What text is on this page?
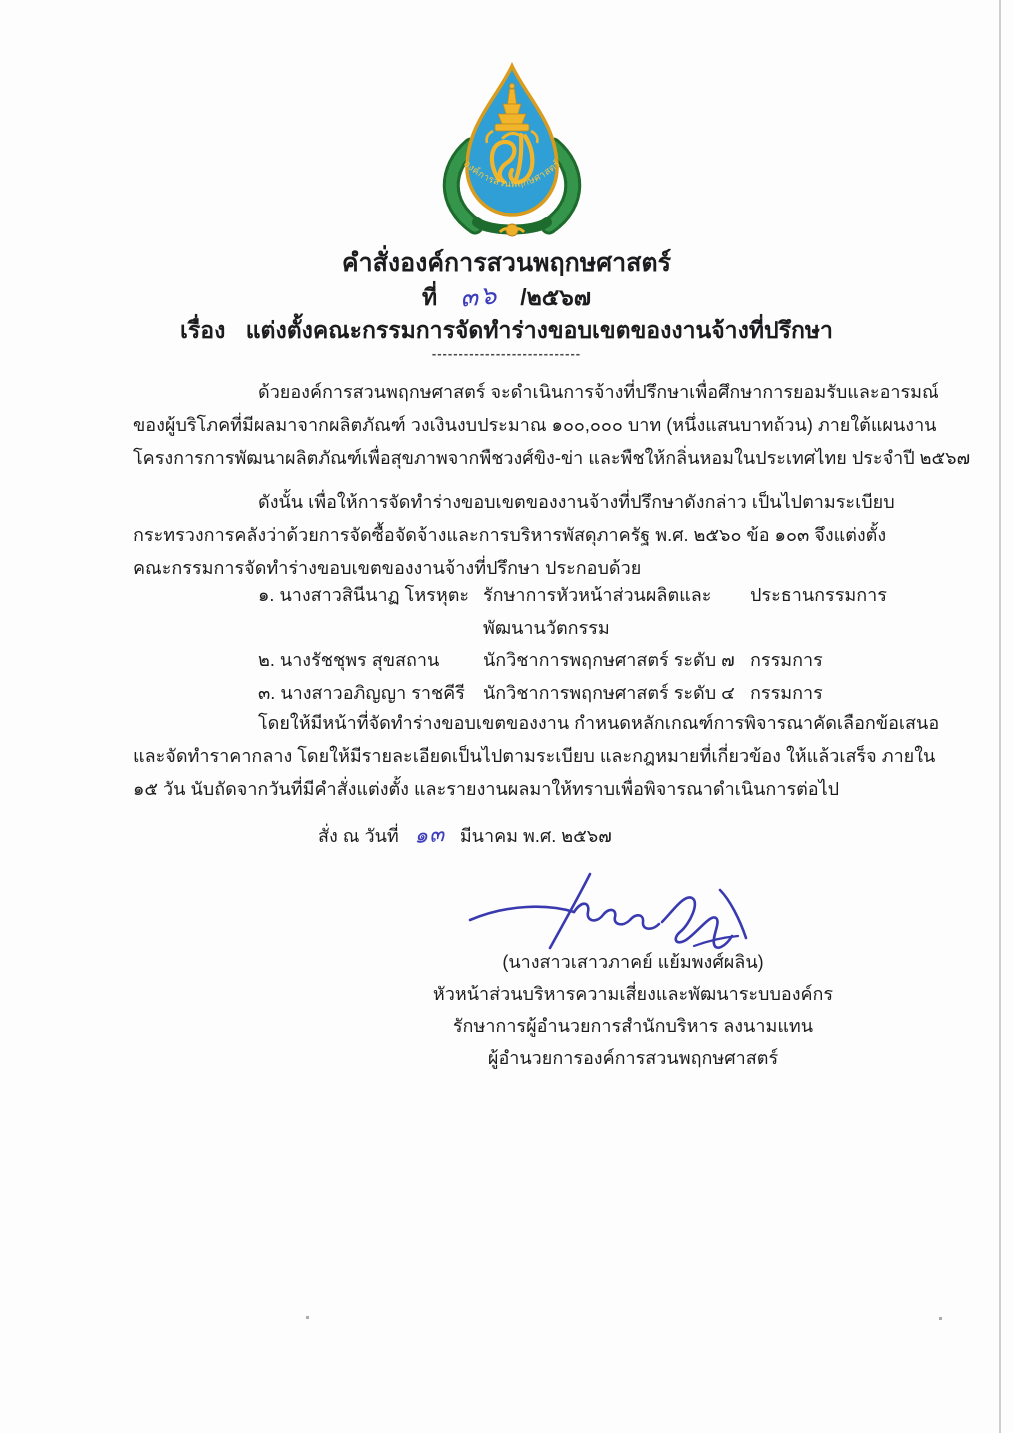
องค์การสวนพฤกษศาสตร์
คำสั่งองค์การสวนพฤกษศาสตร์
ที่ ๓๖ /๒๕๖๗
เรื่อง แต่งตั้งคณะกรรมการจัดทำร่างขอบเขตของงานจ้างที่ปรึกษา
----------------------------
ด้วยองค์การสวนพฤกษศาสตร์ จะดำเนินการจ้างที่ปรึกษาเพื่อศึกษาการยอมรับและอารมณ์
ของผู้บริโภคที่มีผลมาจากผลิตภัณฑ์ วงเงินงบประมาณ ๑๐๐,๐๐๐ บาท (หนึ่งแสนบาทถ้วน) ภายใต้แผนงาน
โครงการการพัฒนาผลิตภัณฑ์เพื่อสุขภาพจากพืชวงศ์ขิง-ข่า และพืชให้กลิ่นหอมในประเทศไทย ประจำปี ๒๕๖๗
ดังนั้น เพื่อให้การจัดทำร่างขอบเขตของงานจ้างที่ปรึกษาดังกล่าว เป็นไปตามระเบียบ
กระทรวงการคลังว่าด้วยการจัดซื้อจัดจ้างและการบริหารพัสดุภาครัฐ พ.ศ. ๒๕๖๐ ข้อ ๑๐๓ จึงแต่งตั้ง
คณะกรรมการจัดทำร่างขอบเขตของงานจ้างที่ปรึกษา ประกอบด้วย
๑. นางสาวสินีนาฏ โหรหุตะ รักษาการหัวหน้าส่วนผลิตและ
พัฒนานวัตกรรม
ประธานกรรมการ
๒. นางรัชชุพร สุขสถาน นักวิชาการพฤกษศาสตร์ ระดับ ๗ กรรมการ
๓. นางสาวอภิญญา ราชคีรี นักวิชาการพฤกษศาสตร์ ระดับ ๔ กรรมการ
โดยให้มีหน้าที่จัดทำร่างขอบเขตของงาน กำหนดหลักเกณฑ์การพิจารณาคัดเลือกข้อเสนอ
และจัดทำราคากลาง โดยให้มีรายละเอียดเป็นไปตามระเบียบ และกฎหมายที่เกี่ยวข้อง ให้แล้วเสร็จ ภายใน
๑๕ วัน นับถัดจากวันที่มีคำสั่งแต่งตั้ง และรายงานผลมาให้ทราบเพื่อพิจารณาดำเนินการต่อไป
สั่ง ณ วันที่ ๑๓ มีนาคม พ.ศ. ๒๕๖๗
(นางสาวเสาวภาคย์ แย้มพงศ์ผลิน)
หัวหน้าส่วนบริหารความเสี่ยงและพัฒนาระบบองค์กร
รักษาการผู้อำนวยการสำนักบริหาร ลงนามแทน
ผู้อำนวยการองค์การสวนพฤกษศาสตร์
